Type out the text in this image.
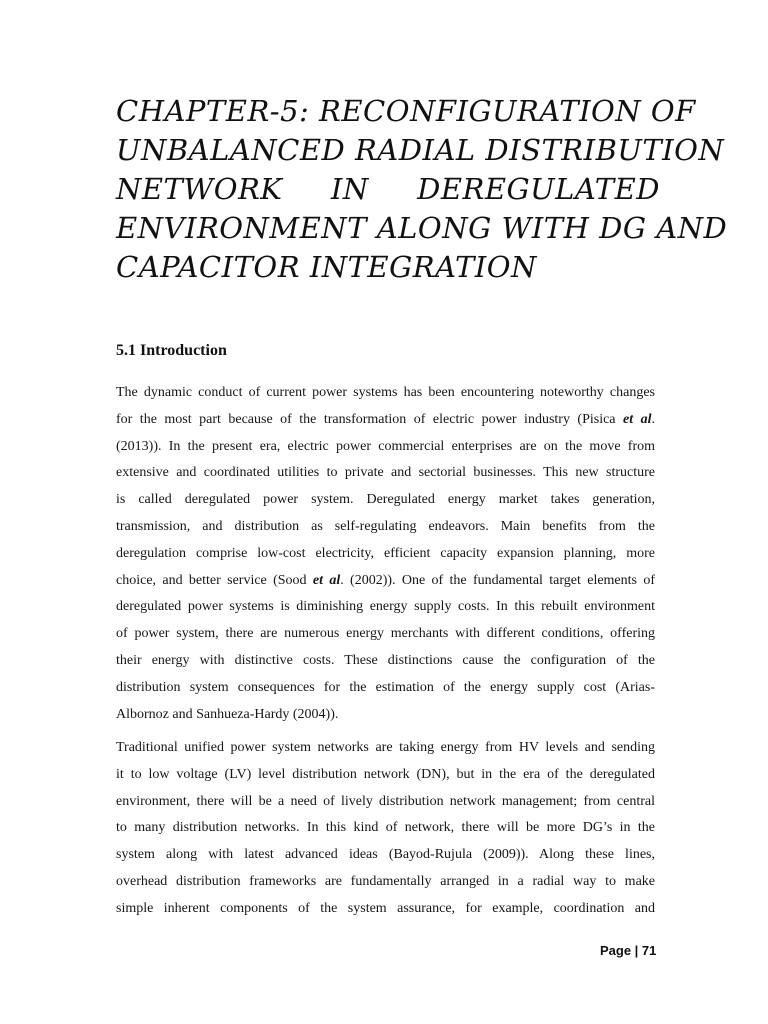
CHAPTER-5: RECONFIGURATION OF
UNBALANCED RADIAL DISTRIBUTION
NETWORK IN DEREGULATED
ENVIRONMENT ALONG WITH DG AND
CAPACITOR INTEGRATION
5.1 Introduction
The dynamic conduct of current power systems has been encountering noteworthy changes
for the most part because of the transformation of electric power industry (Pisica et al.
(2013)). In the present era, electric power commercial enterprises are on the move from
extensive and coordinated utilities to private and sectorial businesses. This new structure
is called deregulated power system. Deregulated energy market takes generation,
transmission, and distribution as self-regulating endeavors. Main benefits from the
deregulation comprise low-cost electricity, efficient capacity expansion planning, more
choice, and better service (Sood et al. (2002)). One of the fundamental target elements of
deregulated power systems is diminishing energy supply costs. In this rebuilt environment
of power system, there are numerous energy merchants with different conditions, offering
their energy with distinctive costs. These distinctions cause the configuration of the
distribution system consequences for the estimation of the energy supply cost (Arias-
Albornoz and Sanhueza-Hardy (2004)).
Traditional unified power system networks are taking energy from HV levels and sending
it to low voltage (LV) level distribution network (DN), but in the era of the deregulated
environment, there will be a need of lively distribution network management; from central
to many distribution networks. In this kind of network, there will be more DG’s in the
system along with latest advanced ideas (Bayod-Rujula (2009)). Along these lines,
overhead distribution frameworks are fundamentally arranged in a radial way to make
simple inherent components of the system assurance, for example, coordination and
Page | 71
